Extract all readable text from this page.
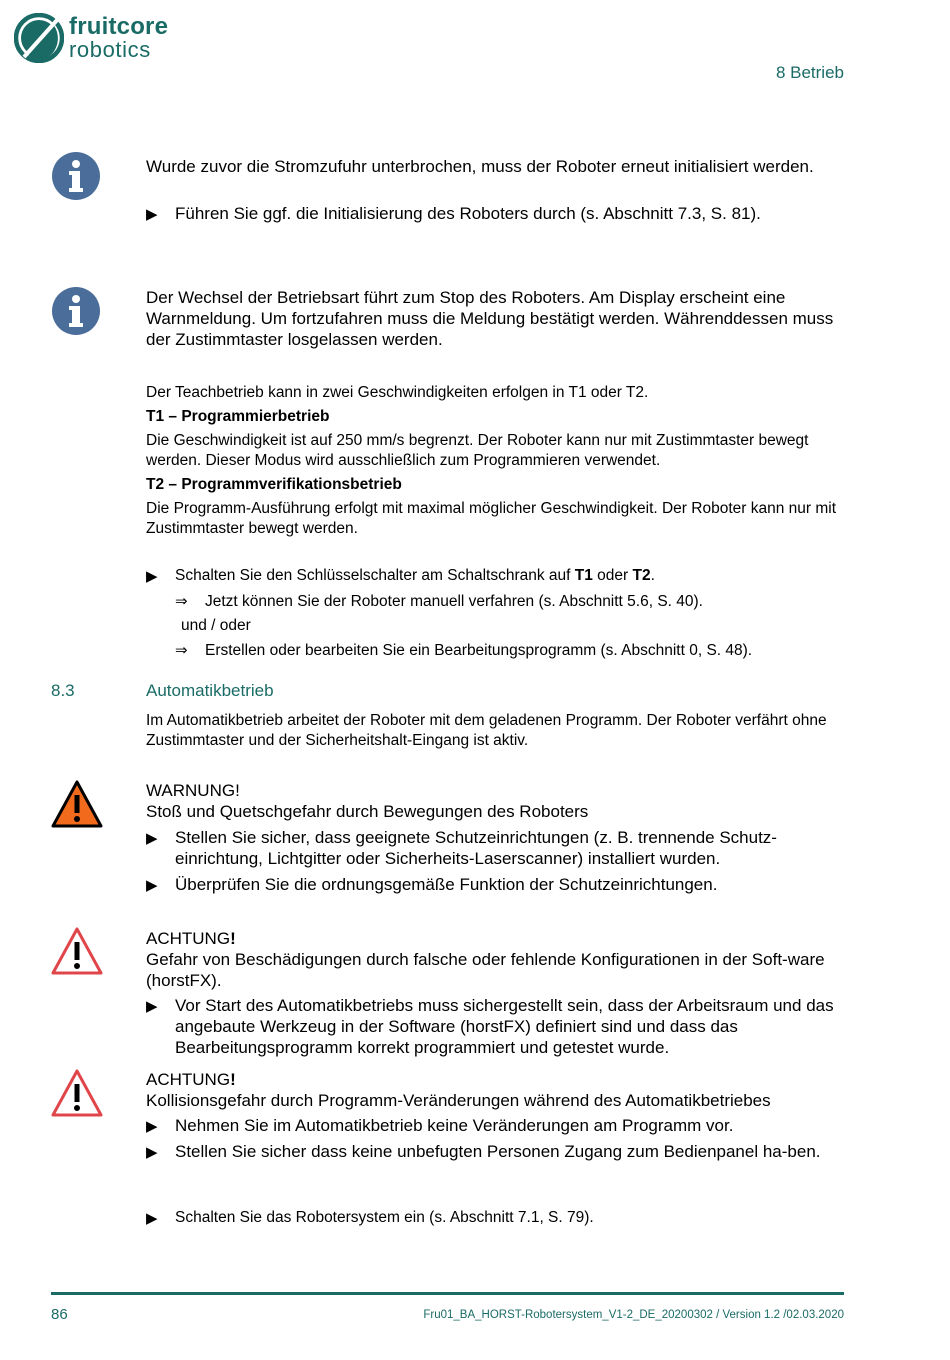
fruitcore
robotics
8 Betrieb
Wurde zuvor die Stromzufuhr unterbrochen, muss der Roboter erneut initialisiert werden.
▶ Führen Sie ggf. die Initialisierung des Roboters durch (s. Abschnitt 7.3, S. 81).
Der Wechsel der Betriebsart führt zum Stop des Roboters. Am Display erscheint eine Warnmeldung. Um fortzufahren muss die Meldung bestätigt werden. Währenddessen muss der Zustimmtaster losgelassen werden.
Der Teachbetrieb kann in zwei Geschwindigkeiten erfolgen in T1 oder T2.
T1 – Programmierbetrieb
Die Geschwindigkeit ist auf 250 mm/s begrenzt. Der Roboter kann nur mit Zustimmtaster bewegt werden. Dieser Modus wird ausschließlich zum Programmieren verwendet.
T2 – Programmverifikationsbetrieb
Die Programm-Ausführung erfolgt mit maximal möglicher Geschwindigkeit. Der Roboter kann nur mit Zustimmtaster bewegt werden.
▶ Schalten Sie den Schlüsselschalter am Schaltschrank auf T1 oder T2.
⇒ Jetzt können Sie der Roboter manuell verfahren (s. Abschnitt 5.6, S. 40).
und / oder
⇒ Erstellen oder bearbeiten Sie ein Bearbeitungsprogramm (s. Abschnitt 0, S. 48).
8.3	Automatikbetrieb
Im Automatikbetrieb arbeitet der Roboter mit dem geladenen Programm. Der Roboter verfährt ohne Zustimmtaster und der Sicherheitshalt-Eingang ist aktiv.
WARNUNG!
Stoß und Quetschgefahr durch Bewegungen des Roboters
▶ Stellen Sie sicher, dass geeignete Schutzeinrichtungen (z. B. trennende Schutz-einrichtung, Lichtgitter oder Sicherheits-Laserscanner) installiert wurden.
▶ Überprüfen Sie die ordnungsgemäße Funktion der Schutzeinrichtungen.
ACHTUNG!
Gefahr von Beschädigungen durch falsche oder fehlende Konfigurationen in der Soft-ware (horstFX).
▶ Vor Start des Automatikbetriebs muss sichergestellt sein, dass der Arbeitsraum und das angebaute Werkzeug in der Software (horstFX) definiert sind und dass das Bearbeitungsprogramm korrekt programmiert und getestet wurde.
ACHTUNG!
Kollisionsgefahr durch Programm-Veränderungen während des Automatikbetriebes
▶ Nehmen Sie im Automatikbetrieb keine Veränderungen am Programm vor.
▶ Stellen Sie sicher dass keine unbefugten Personen Zugang zum Bedienpanel ha-ben.
▶ Schalten Sie das Robotersystem ein (s. Abschnitt 7.1, S. 79).
86	Fru01_BA_HORST-Robotersystem_V1-2_DE_20200302 / Version 1.2 /02.03.2020
